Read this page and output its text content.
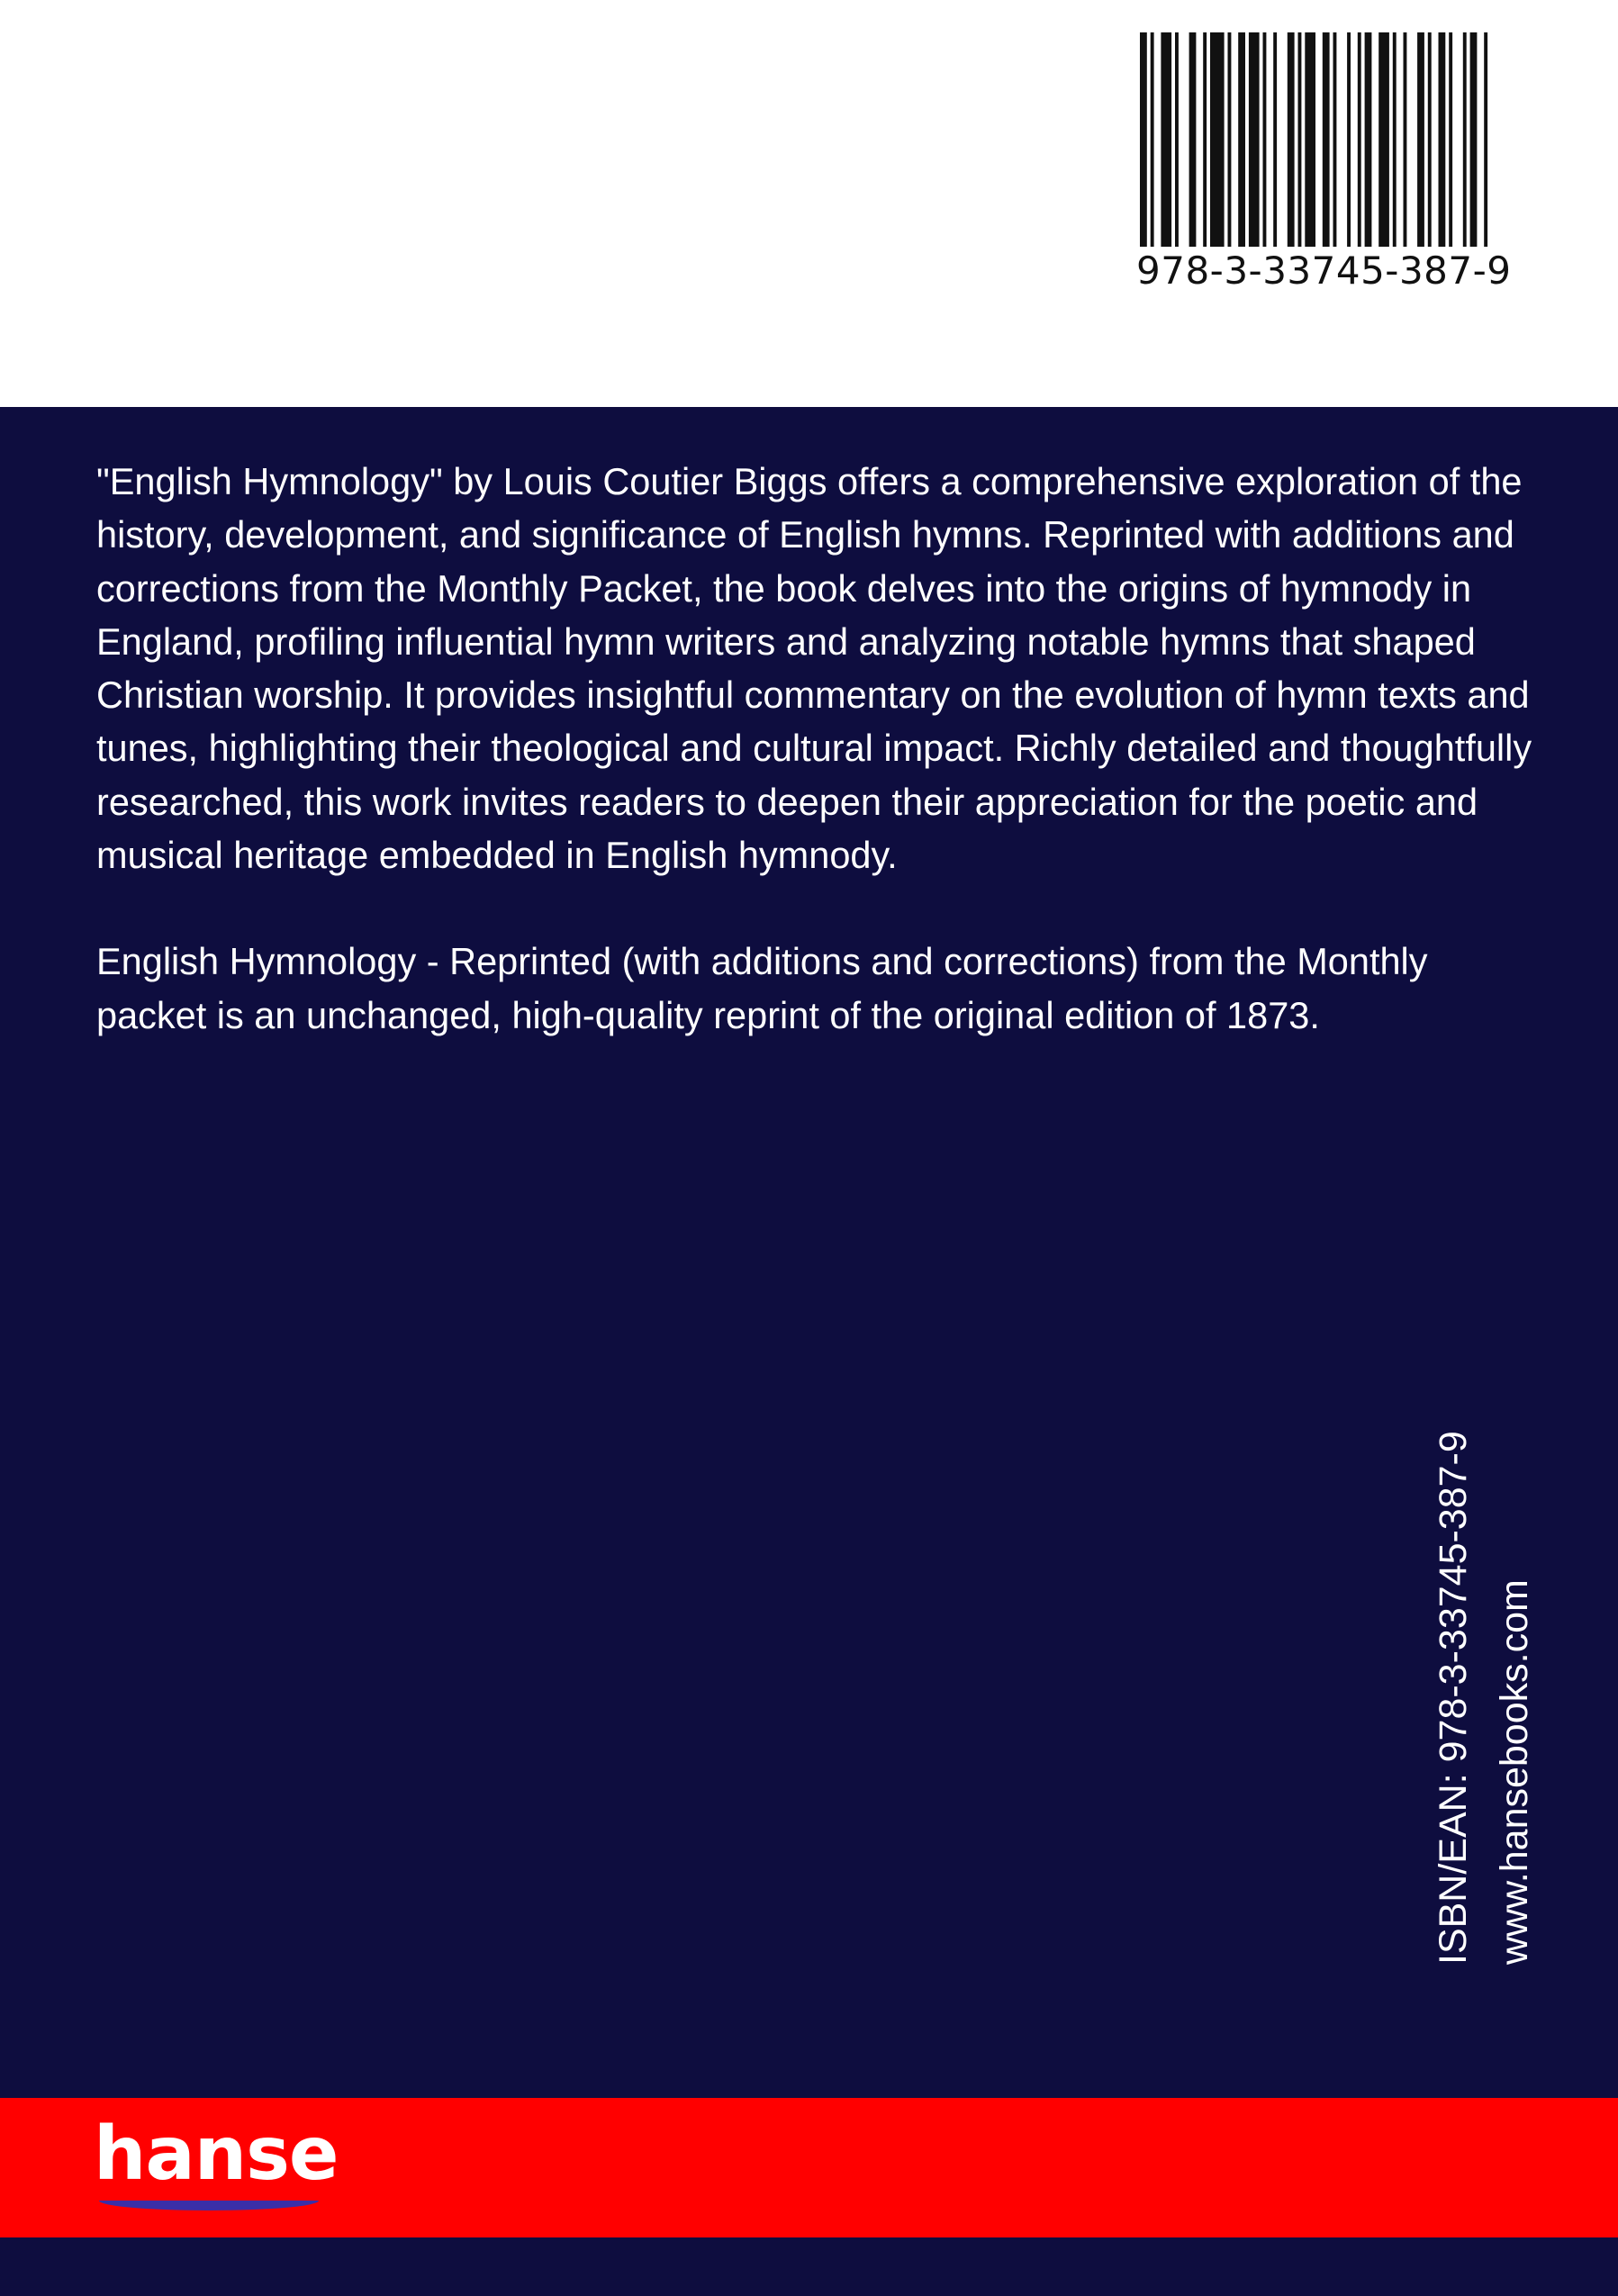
978-3-33745-387-9

"English Hymnology" by Louis Coutier Biggs offers a comprehensive exploration of the history, development, and significance of English hymns. Reprinted with additions and corrections from the Monthly Packet, the book delves into the origins of hymnody in England, profiling influential hymn writers and analyzing notable hymns that shaped Christian worship. It provides insightful commentary on the evolution of hymn texts and tunes, highlighting their theological and cultural impact. Richly detailed and thoughtfully researched, this work invites readers to deepen their appreciation for the poetic and musical heritage embedded in English hymnody.

English Hymnology - Reprinted (with additions and corrections) from the Monthly packet is an unchanged, high-quality reprint of the original edition of 1873.

ISBN/EAN: 978-3-33745-387-9 www.hansebooks.com
hanse
